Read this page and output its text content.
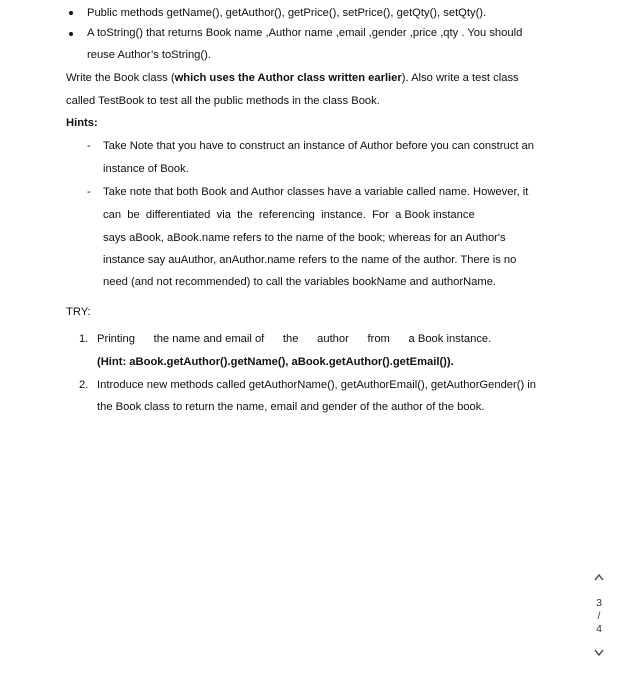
Public methods getName(), getAuthor(), getPrice(), setPrice(), getQty(), setQty().
A toString() that returns Book name ,Author name ,email ,gender ,price ,qty . You should
reuse Author’s toString().
Write the Book class (which uses the Author class written earlier). Also write a test class
called TestBook to test all the public methods in the class Book.
Hints:
- Take Note that you have to construct an instance of Author before you can construct an
instance of Book.
- Take note that both Book and Author classes have a variable called name. However, it
can  be  differentiated  via  the  referencing  instance.  For  a Book instance
says aBook, aBook.name refers to the name of the book; whereas for an Author's
instance say auAuthor, anAuthor.name refers to the name of the author. There is no
need (and not recommended) to call the variables bookName and authorName.
TRY:
1. Printing      the name and email of      the      author      from      a Book instance.
(Hint: aBook.getAuthor().getName(), aBook.getAuthor().getEmail()).
2. Introduce new methods called getAuthorName(), getAuthorEmail(), getAuthorGender() in
the Book class to return the name, email and gender of the author of the book.
3
/
4
